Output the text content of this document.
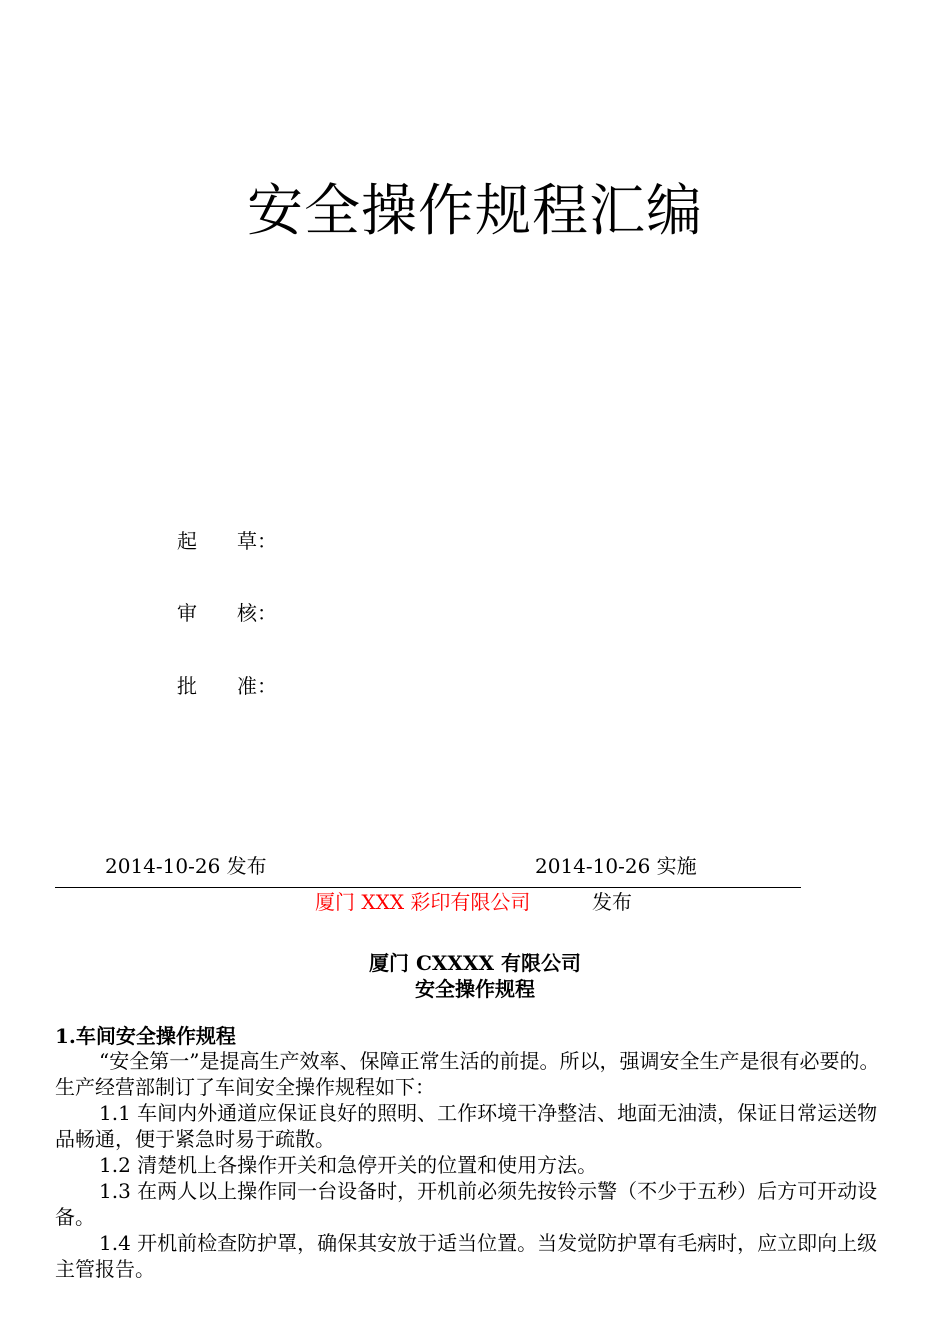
安全操作规程汇编
起 草：
审 核：
批 准：
2014-10-26 发布	2014-10-26 实施
厦门 XXX 彩印有限公司	发布
厦门 CXXXX 有限公司
安全操作规程
1.车间安全操作规程

“安全第一”是提高生产效率、保障正常生活的前提。所以，强调安全生产是很有必要的。生产经营部制订了车间安全操作规程如下：

1.1 车间内外通道应保证良好的照明、工作环境干净整洁、地面无油渍，保证日常运送物品畅通，便于紧急时易于疏散。

1.2 清楚机上各操作开关和急停开关的位置和使用方法。

1.3 在两人以上操作同一台设备时，开机前必须先按铃示警（不少于五秒）后方可开动设备。

1.4 开机前检查防护罩，确保其安放于适当位置。当发觉防护罩有毛病时，应立即向上级主管报告。
